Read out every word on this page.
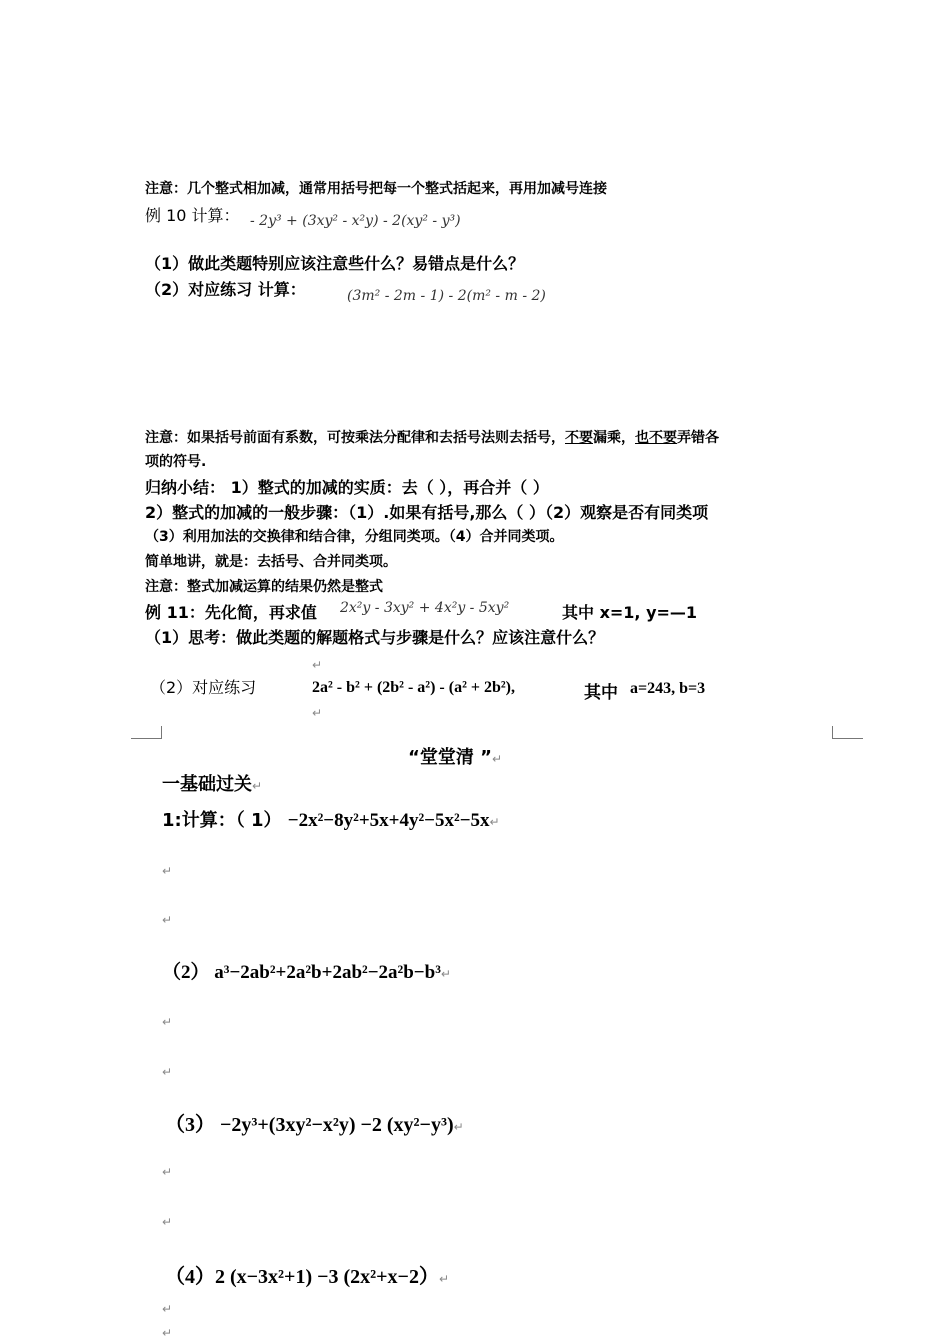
注意：几个整式相加减，通常用括号把每一个整式括起来，再用加减号连接
例 10 计算： - 2y³ + (3xy² - x²y) - 2(xy² - y³)
（1）做此类题特别应该注意些什么？易错点是什么？
（2）对应练习 计算：	(3m² - 2m - 1) - 2(m² - m - 2)
注意：如果括号前面有系数，可按乘法分配律和去括号法则去括号，不要漏乘，也不要弄错各
项的符号.
归纳小结： 1）整式的加减的实质：去（ ），再合并（ ）
2）整式的加减的一般步骤：（1）.如果有括号,那么（ ）（2）观察是否有同类项
（3）利用加法的交换律和结合律，分组同类项。（4）合并同类项。
简单地讲，就是：去括号、合并同类项。
注意：整式加减运算的结果仍然是整式
例 11：先化简，再求值 2x²y - 3xy² + 4x²y - 5xy²	其中 x=1, y=—1
（1）思考：做此类题的解题格式与步骤是什么？应该注意什么？
↵
（2）对应练习	2a² - b² + (2b² - a²) - (a² + 2b²),	其中 a=243, b=3
↵
“堂堂清 ”↵
一基础过关↵
1:计算：（ 1） −2x²−8y²+5x+4y²−5x²−5x↵
↵
↵
（2） a³−2ab²+2a²b+2ab²−2a²b−b³↵
↵
↵
（3） −2y³+(3xy²−x²y) −2 (xy²−y³)↵
↵
↵
（4）2 (x−3x²+1) −3 (2x²+x−2）↵
↵
↵
